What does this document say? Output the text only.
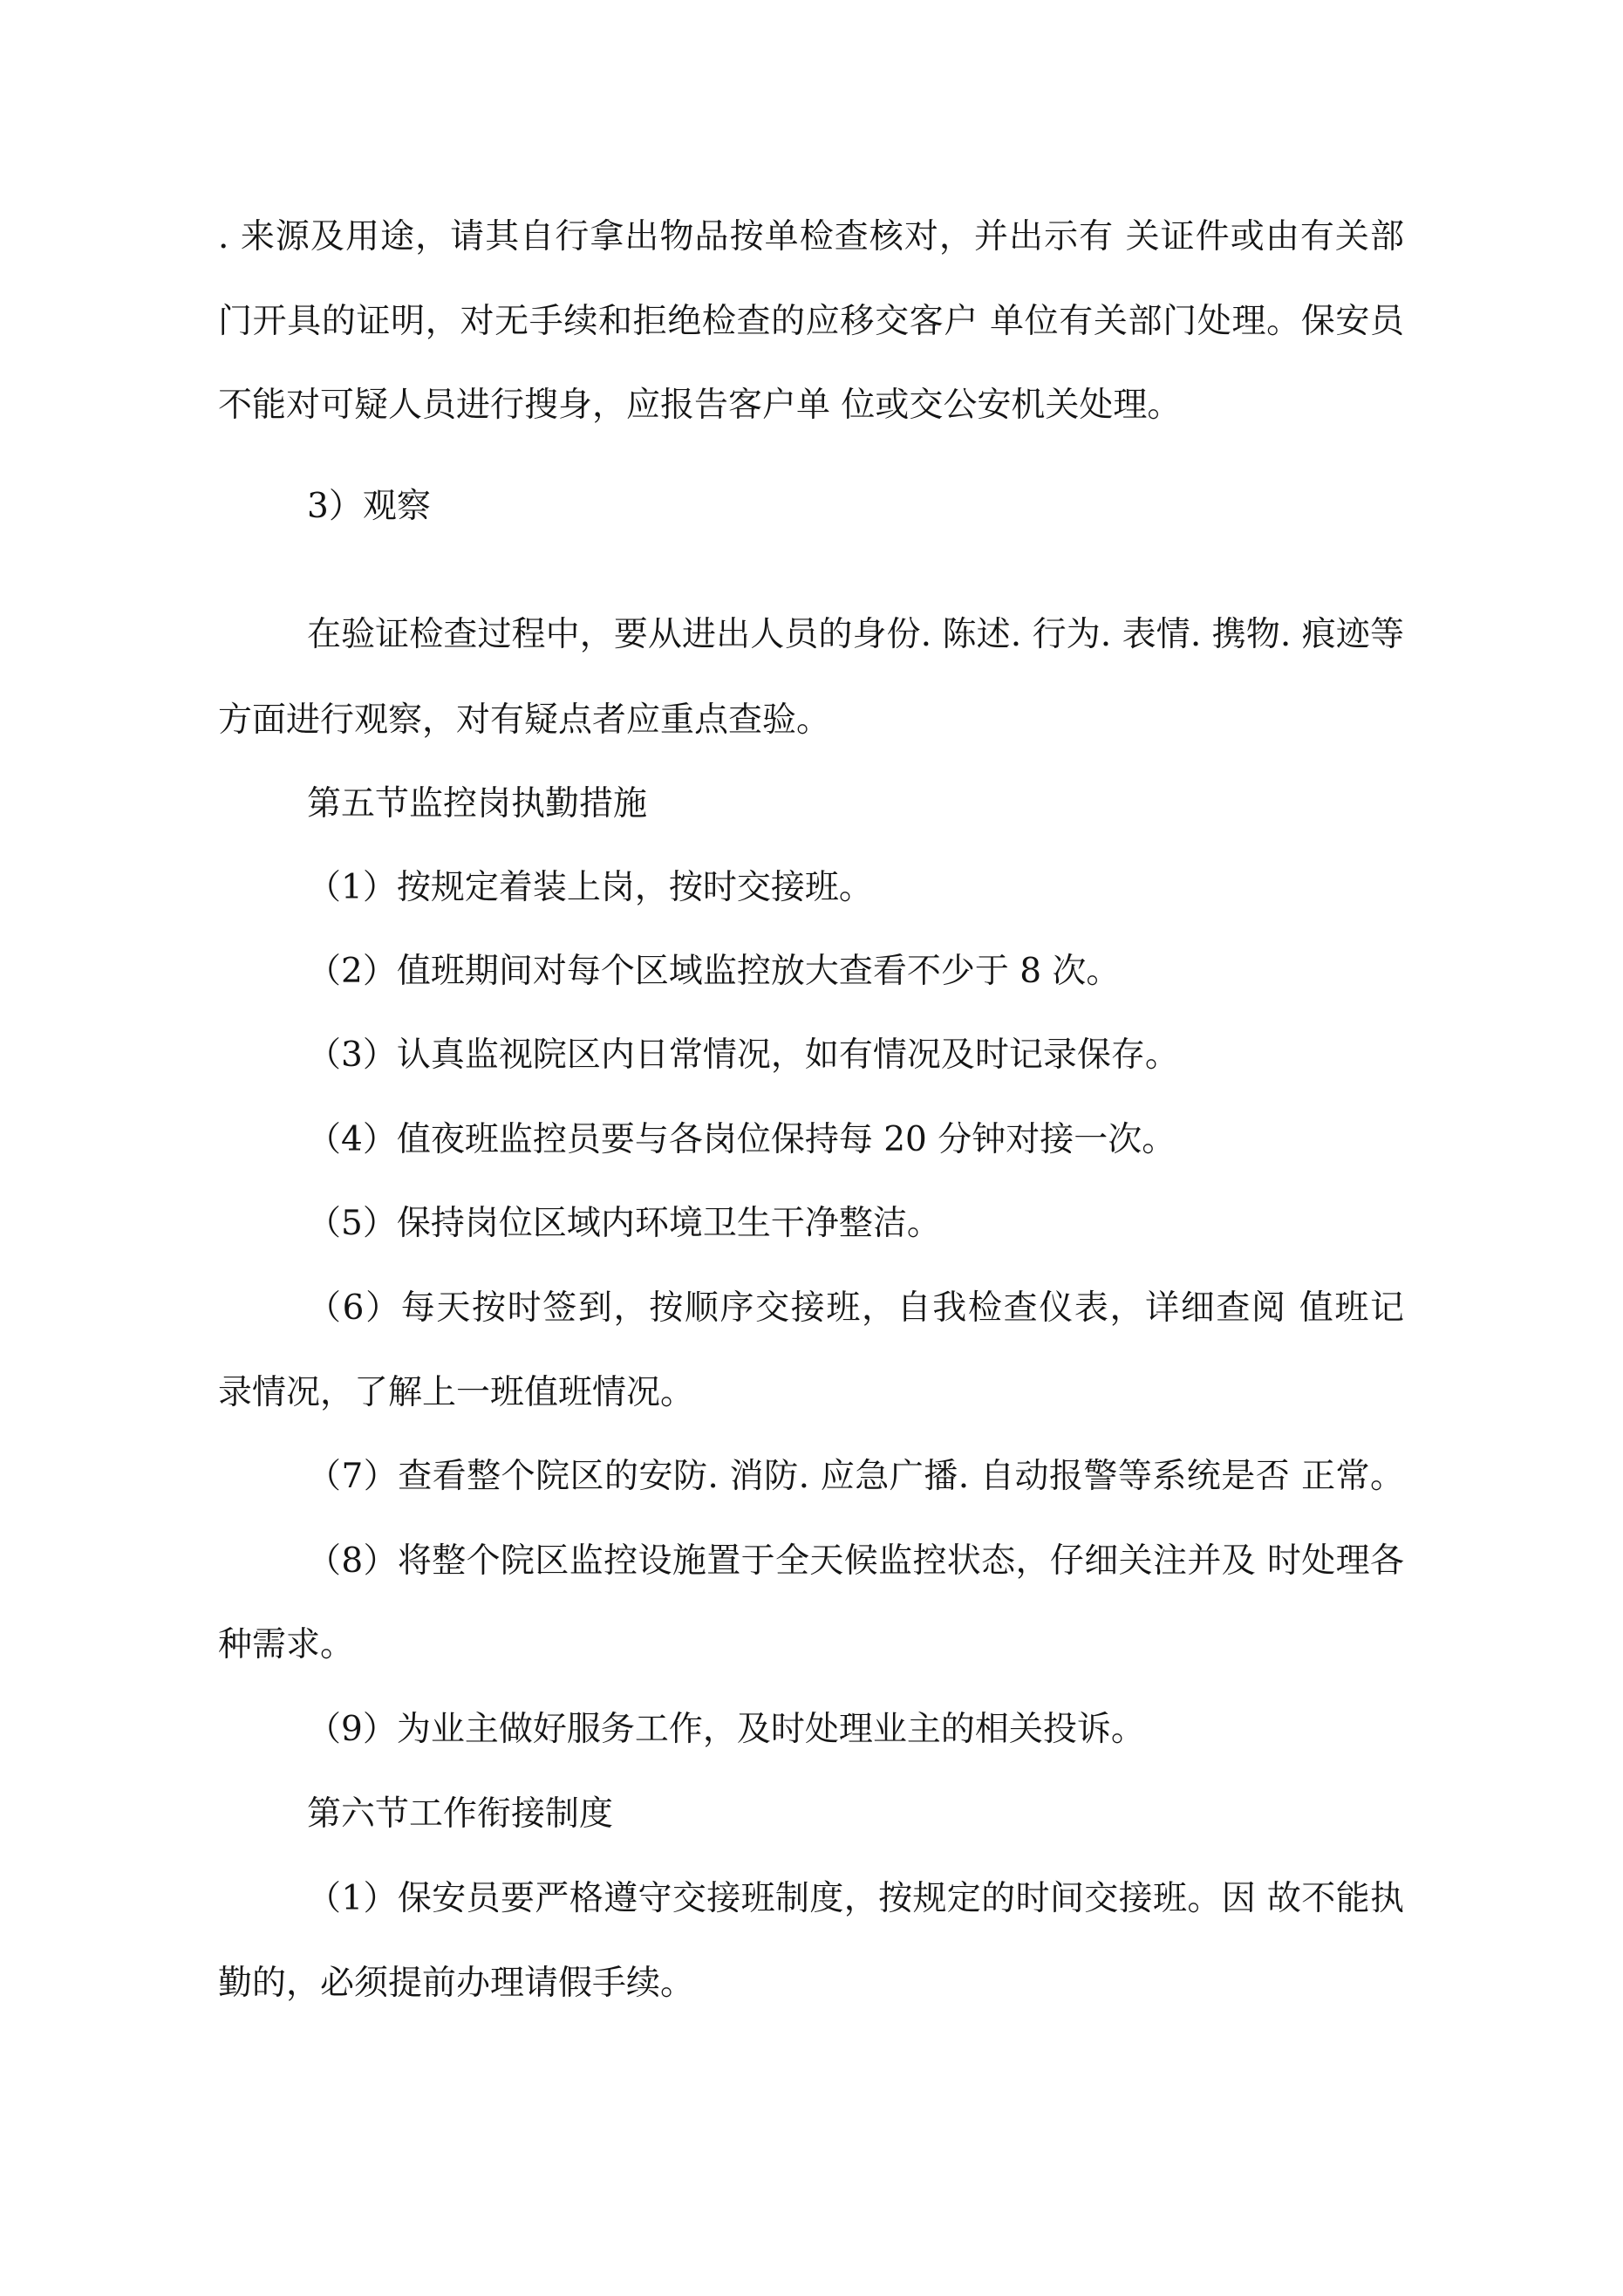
. 来源及用途，请其自行拿出物品按单检查核对，并出示有 关证件或由有关部
门开具的证明，对无手续和拒绝检查的应移交客户 单位有关部门处理。保安员
不能对可疑人员进行搜身，应报告客户单 位或交公安机关处理。
3）观察
在验证检查过程中，要从进出人员的身份. 陈述. 行为. 表情. 携物. 痕迹等
方面进行观察，对有疑点者应重点查验。
第五节监控岗执勤措施
（1）按规定着装上岗，按时交接班。
（2）值班期间对每个区域监控放大查看不少于 8 次。
（3）认真监视院区内日常情况，如有情况及时记录保存。
（4）值夜班监控员要与各岗位保持每 20 分钟对接一次。
（5）保持岗位区域内环境卫生干净整洁。
（6）每天按时签到，按顺序交接班，自我检查仪表，详细查阅 值班记
录情况，了解上一班值班情况。
（7）查看整个院区的安防. 消防. 应急广播. 自动报警等系统是否 正常。
（8）将整个院区监控设施置于全天候监控状态，仔细关注并及 时处理各
种需求。
（9）为业主做好服务工作，及时处理业主的相关投诉。
第六节工作衔接制度
（1）保安员要严格遵守交接班制度，按规定的时间交接班。因 故不能执
勤的，必须提前办理请假手续。
